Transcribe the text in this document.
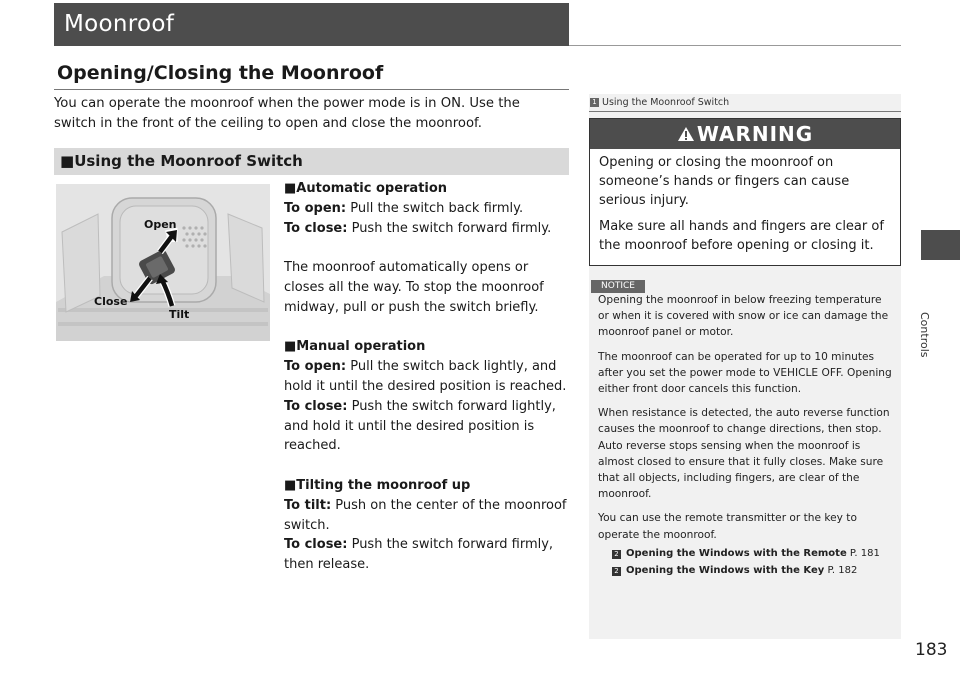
Moonroof
Controls
Opening/Closing the Moonroof
You can operate the moonroof when the power mode is in ON. Use the switch in the front of the ceiling to open and close the moonroof.
■Using the Moonroof Switch
Open
Close
Tilt
■Automatic operation
To open: Pull the switch back firmly.
To close: Push the switch forward firmly.
The moonroof automatically opens or closes all the way. To stop the moonroof midway, pull or push the switch briefly.
■Manual operation
To open: Pull the switch back lightly, and hold it until the desired position is reached.
To close: Push the switch forward lightly, and hold it until the desired position is reached.
■Tilting the moonroof up
To tilt: Push on the center of the moonroof switch.
To close: Push the switch forward firmly, then release.
1 Using the Moonroof Switch
WARNING

Opening or closing the moonroof on someone’s hands or fingers can cause serious injury.

Make sure all hands and fingers are clear of the moonroof before opening or closing it.

NOTICE

Opening the moonroof in below freezing temperature or when it is covered with snow or ice can damage the moonroof panel or motor.

The moonroof can be operated for up to 10 minutes after you set the power mode to VEHICLE OFF. Opening either front door cancels this function.

When resistance is detected, the auto reverse function causes the moonroof to change directions, then stop. Auto reverse stops sensing when the moonroof is almost closed to ensure that it fully closes. Make sure that all objects, including fingers, are clear of the moonroof.

You can use the remote transmitter or the key to operate the moonroof.

2 Opening the Windows with the Remote P. 181
2 Opening the Windows with the Key P. 182
183
